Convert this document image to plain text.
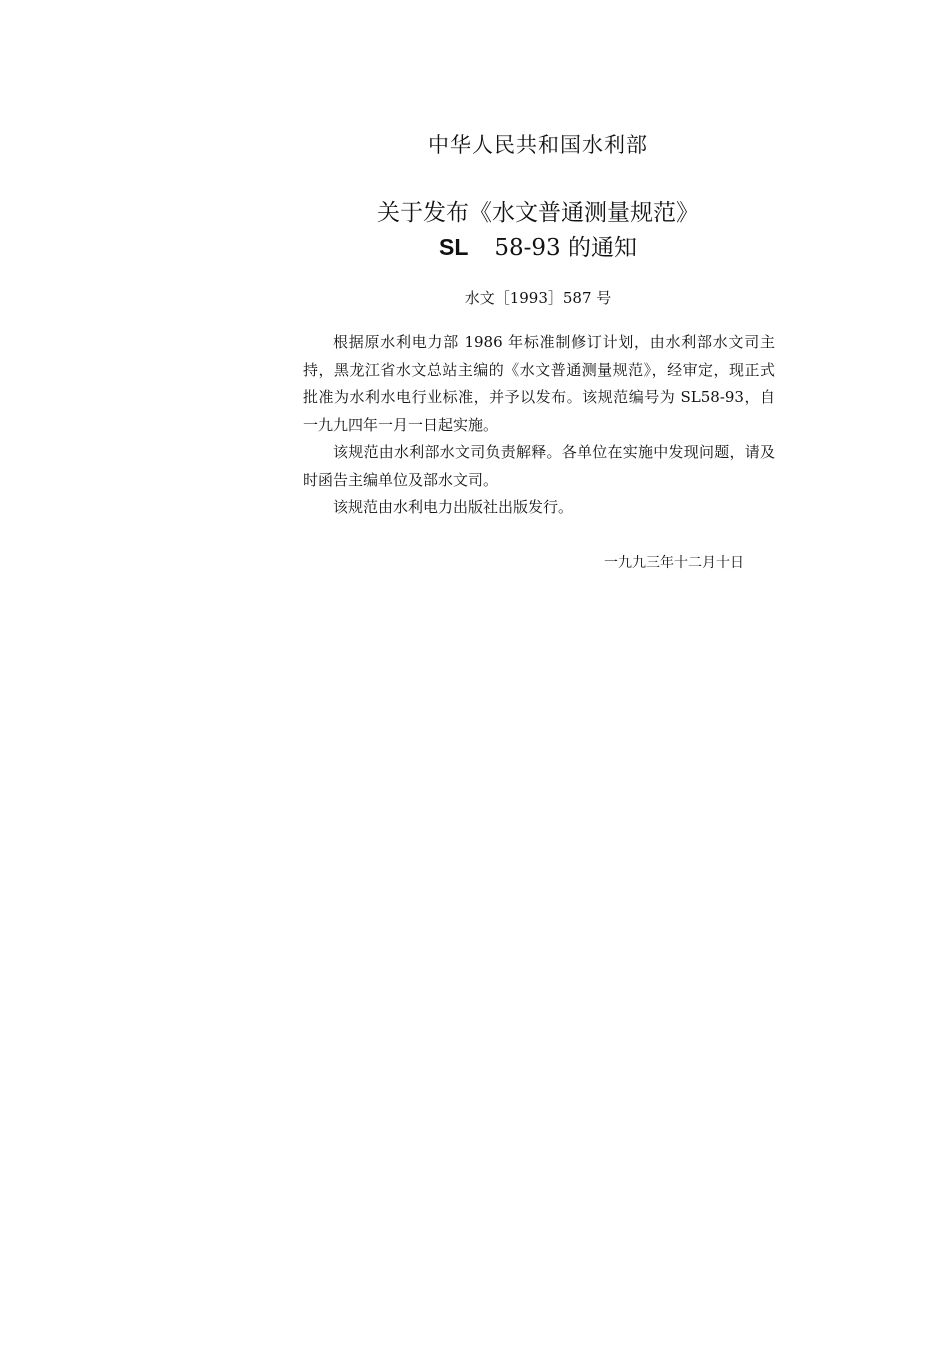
中华人民共和国水利部
关于发布《水文普通测量规范》
SL 58-93 的通知
水文［1993］587 号

根据原水利电力部 1986 年标准制修订计划，由水利部水文司主持，黑龙江省水文总站主编的《水文普通测量规范》，经审定，现正式批准为水利水电行业标准，并予以发布。该规范编号为 SL58-93，自一九九四年一月一日起实施。

该规范由水利部水文司负责解释。各单位在实施中发现问题，请及时函告主编单位及部水文司。

该规范由水利电力出版社出版发行。

一九九三年十二月十日
